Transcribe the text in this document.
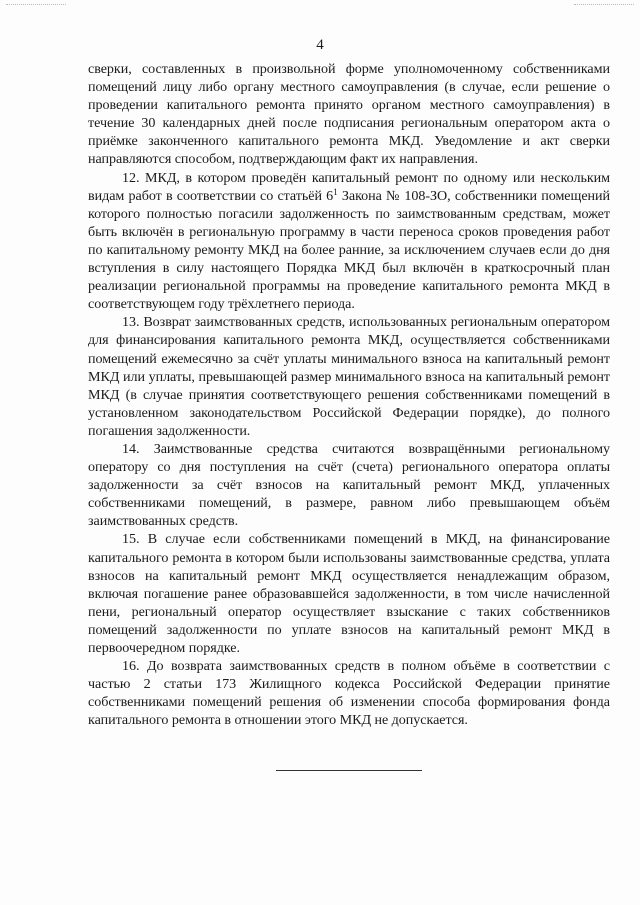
4

сверки, составленных в произвольной форме уполномоченному собственниками помещений лицу либо органу местного самоуправления (в случае, если решение о проведении капитального ремонта принято органом местного самоуправления) в течение 30 календарных дней после подписания региональным оператором акта о приёмке законченного капитального ремонта МКД. Уведомление и акт сверки направляются способом, подтверждающим факт их направления.

12. МКД, в котором проведён капитальный ремонт по одному или нескольким видам работ в соответствии со статьёй $6^1$ Закона № 108-ЗО, собственники помещений которого полностью погасили задолженность по заимствованным средствам, может быть включён в региональную программу в части переноса сроков проведения работ по капитальному ремонту МКД на более ранние, за исключением случаев если до дня вступления в силу настоящего Порядка МКД был включён в краткосрочный план реализации региональной программы на проведение капитального ремонта МКД в соответствующем году трёхлетнего периода.

13. Возврат заимствованных средств, использованных региональным оператором для финансирования капитального ремонта МКД, осуществляется собственниками помещений ежемесячно за счёт уплаты минимального взноса на капитальный ремонт МКД или уплаты, превышающей размер минимального взноса на капитальный ремонт МКД (в случае принятия соответствующего решения собственниками помещений в установленном законодательством Российской Федерации порядке), до полного погашения задолженности.

14. Заимствованные средства считаются возвращёнными региональному оператору со дня поступления на счёт (счета) регионального оператора оплаты задолженности за счёт взносов на капитальный ремонт МКД, уплаченных собственниками помещений, в размере, равном либо превышающем объём заимствованных средств.

15. В случае если собственниками помещений в МКД, на финансирование капитального ремонта в котором были использованы заимствованные средства, уплата взносов на капитальный ремонт МКД осуществляется ненадлежащим образом, включая погашение ранее образовавшейся задолженности, в том числе начисленной пени, региональный оператор осуществляет взыскание с таких собственников помещений задолженности по уплате взносов на капитальный ремонт МКД в первоочередном порядке.

16. До возврата заимствованных средств в полном объёме в соответствии с частью 2 статьи 173 Жилищного кодекса Российской Федерации принятие собственниками помещений решения об изменении способа формирования фонда капитального ремонта в отношении этого МКД не допускается.
